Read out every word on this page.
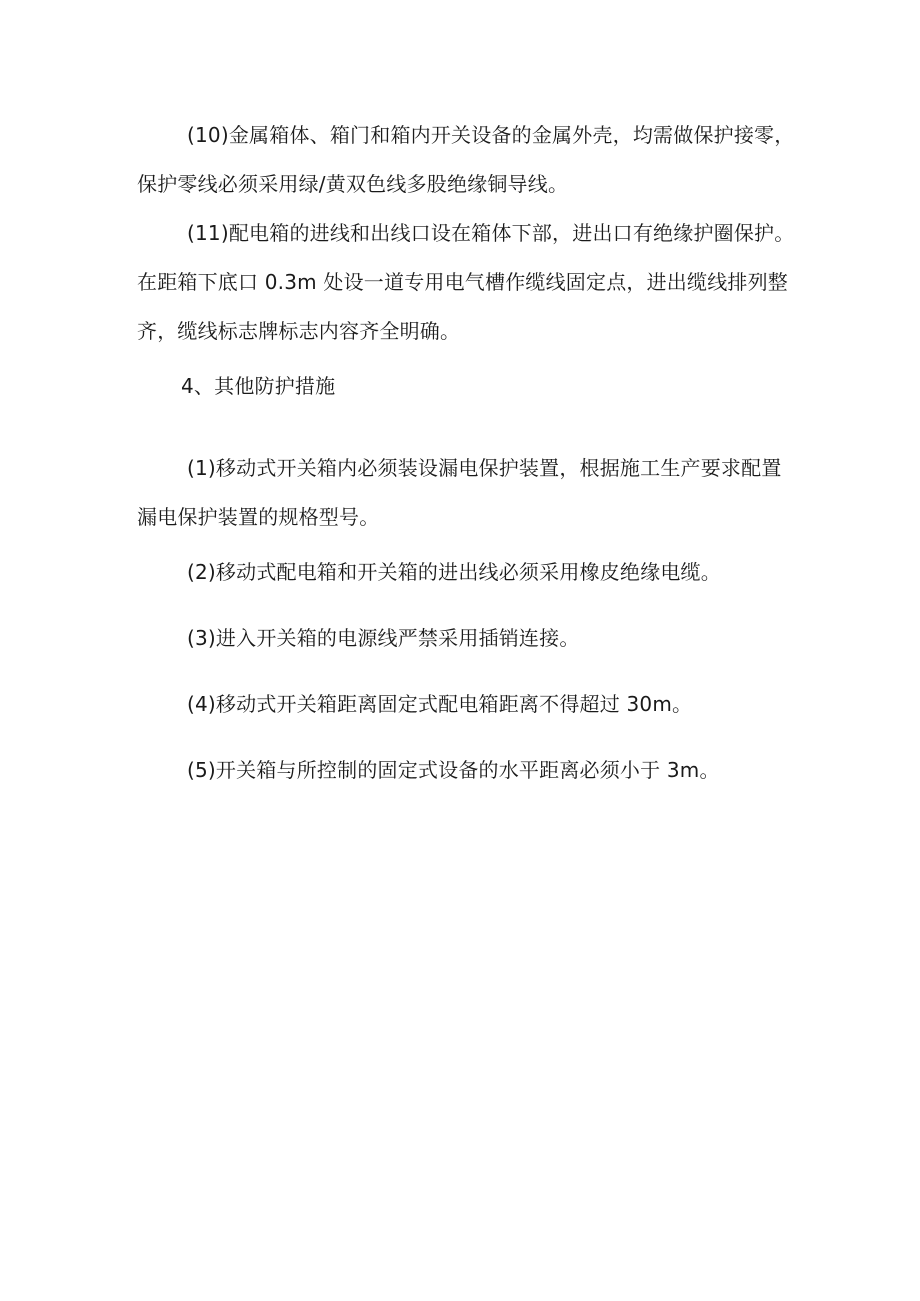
(10)金属箱体、箱门和箱内开关设备的金属外壳，均需做保护接零，
保护零线必须采用绿/黄双色线多股绝缘铜导线。
(11)配电箱的进线和出线口设在箱体下部，进出口有绝缘护圈保护。
在距箱下底口 0.3m 处设一道专用电气槽作缆线固定点，进出缆线排列整
齐，缆线标志牌标志内容齐全明确。
4、其他防护措施
(1)移动式开关箱内必须装设漏电保护装置，根据施工生产要求配置
漏电保护装置的规格型号。
(2)移动式配电箱和开关箱的进出线必须采用橡皮绝缘电缆。
(3)进入开关箱的电源线严禁采用插销连接。
(4)移动式开关箱距离固定式配电箱距离不得超过 30m。
(5)开关箱与所控制的固定式设备的水平距离必须小于 3m。
